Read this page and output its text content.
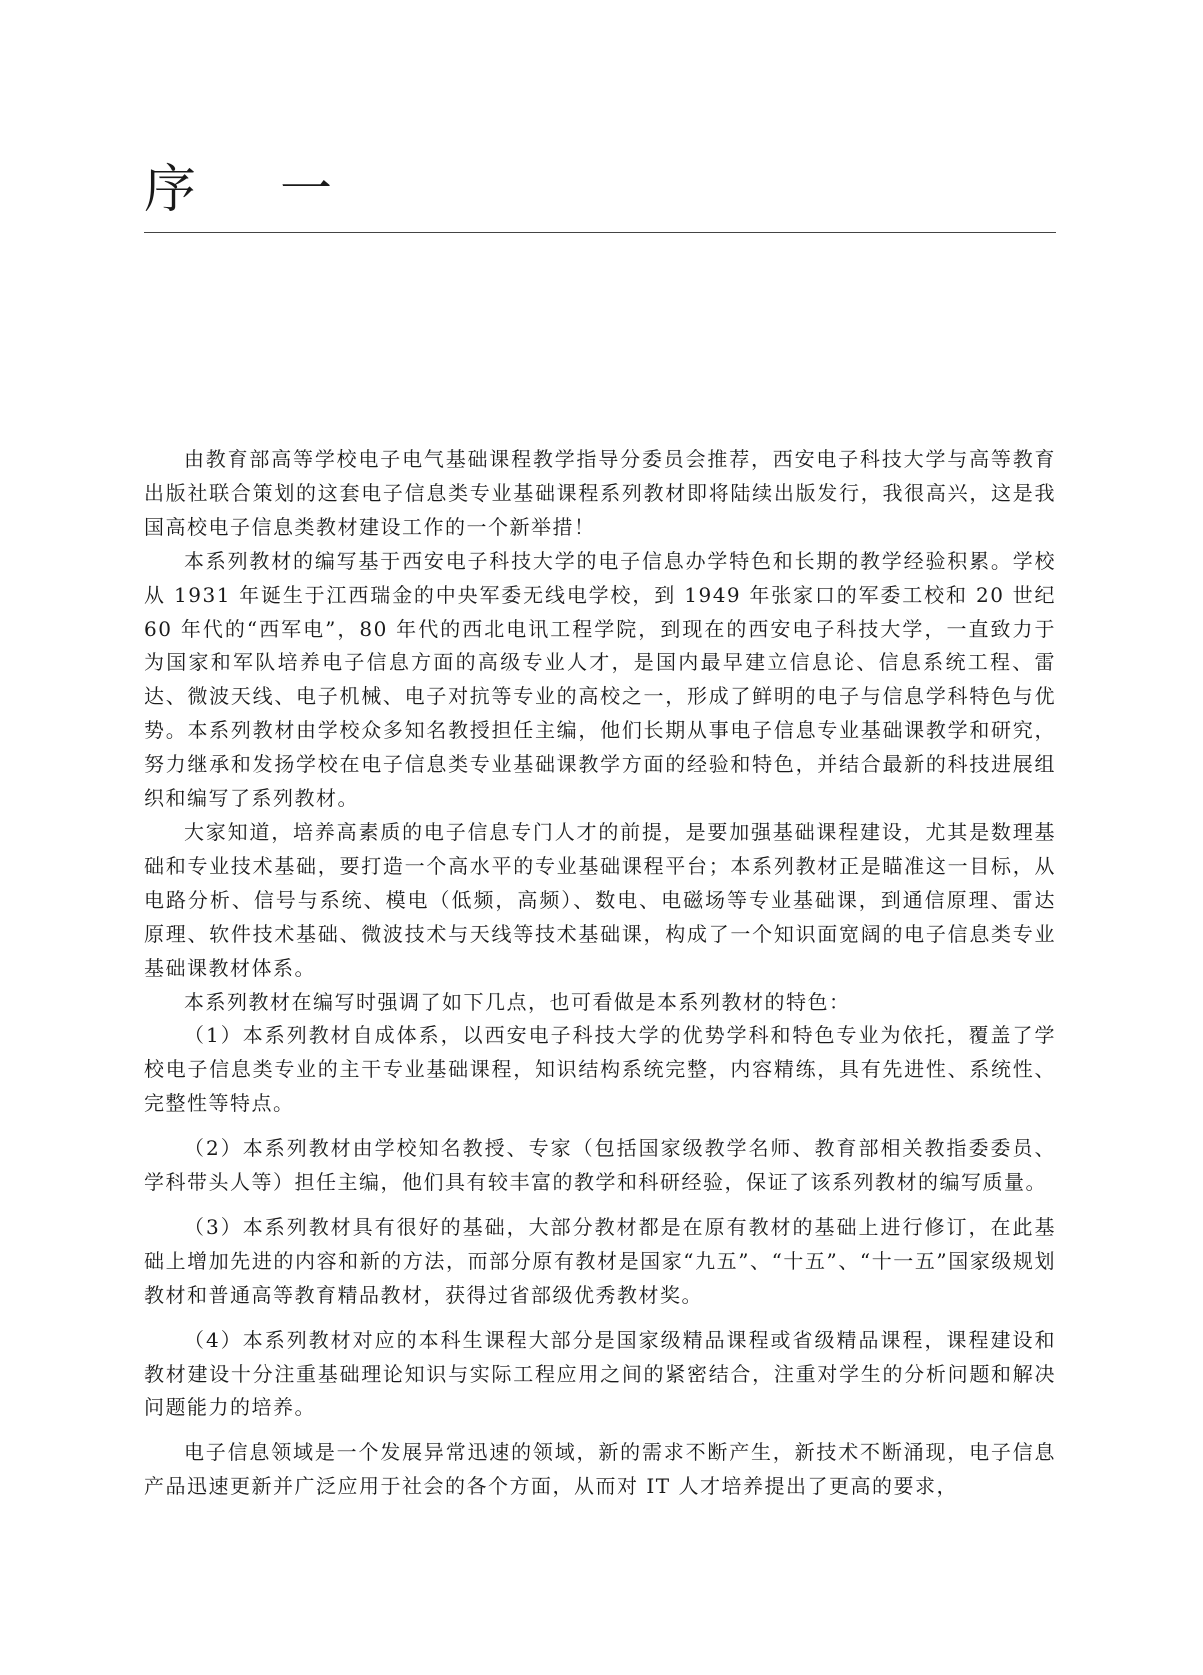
序 一

由教育部高等学校电子电气基础课程教学指导分委员会推荐，西安电子科技大学与高等教育出版社联合策划的这套电子信息类专业基础课程系列教材即将陆续出版发行，我很高兴，这是我国高校电子信息类教材建设工作的一个新举措！

本系列教材的编写基于西安电子科技大学的电子信息办学特色和长期的教学经验积累。学校从 1931 年诞生于江西瑞金的中央军委无线电学校，到 1949 年张家口的军委工校和 20 世纪 60 年代的“西军电”，80 年代的西北电讯工程学院，到现在的西安电子科技大学，一直致力于为国家和军队培养电子信息方面的高级专业人才，是国内最早建立信息论、信息系统工程、雷达、微波天线、电子机械、电子对抗等专业的高校之一，形成了鲜明的电子与信息学科特色与优势。本系列教材由学校众多知名教授担任主编，他们长期从事电子信息专业基础课教学和研究，努力继承和发扬学校在电子信息类专业基础课教学方面的经验和特色，并结合最新的科技进展组织和编写了系列教材。

大家知道，培养高素质的电子信息专门人才的前提，是要加强基础课程建设，尤其是数理基础和专业技术基础，要打造一个高水平的专业基础课程平台；本系列教材正是瞄准这一目标，从电路分析、信号与系统、模电（低频，高频）、数电、电磁场等专业基础课，到通信原理、雷达原理、软件技术基础、微波技术与天线等技术基础课，构成了一个知识面宽阔的电子信息类专业基础课教材体系。

本系列教材在编写时强调了如下几点，也可看做是本系列教材的特色：

（1）本系列教材自成体系，以西安电子科技大学的优势学科和特色专业为依托，覆盖了学校电子信息类专业的主干专业基础课程，知识结构系统完整，内容精练，具有先进性、系统性、完整性等特点。

（2）本系列教材由学校知名教授、专家（包括国家级教学名师、教育部相关教指委委员、学科带头人等）担任主编，他们具有较丰富的教学和科研经验，保证了该系列教材的编写质量。

（3）本系列教材具有很好的基础，大部分教材都是在原有教材的基础上进行修订，在此基础上增加先进的内容和新的方法，而部分原有教材是国家“九五”、“十五”、“十一五”国家级规划教材和普通高等教育精品教材，获得过省部级优秀教材奖。

（4）本系列教材对应的本科生课程大部分是国家级精品课程或省级精品课程，课程建设和教材建设十分注重基础理论知识与实际工程应用之间的紧密结合，注重对学生的分析问题和解决问题能力的培养。

电子信息领域是一个发展异常迅速的领域，新的需求不断产生，新技术不断涌现，电子信息产品迅速更新并广泛应用于社会的各个方面，从而对 IT 人才培养提出了更高的要求，
